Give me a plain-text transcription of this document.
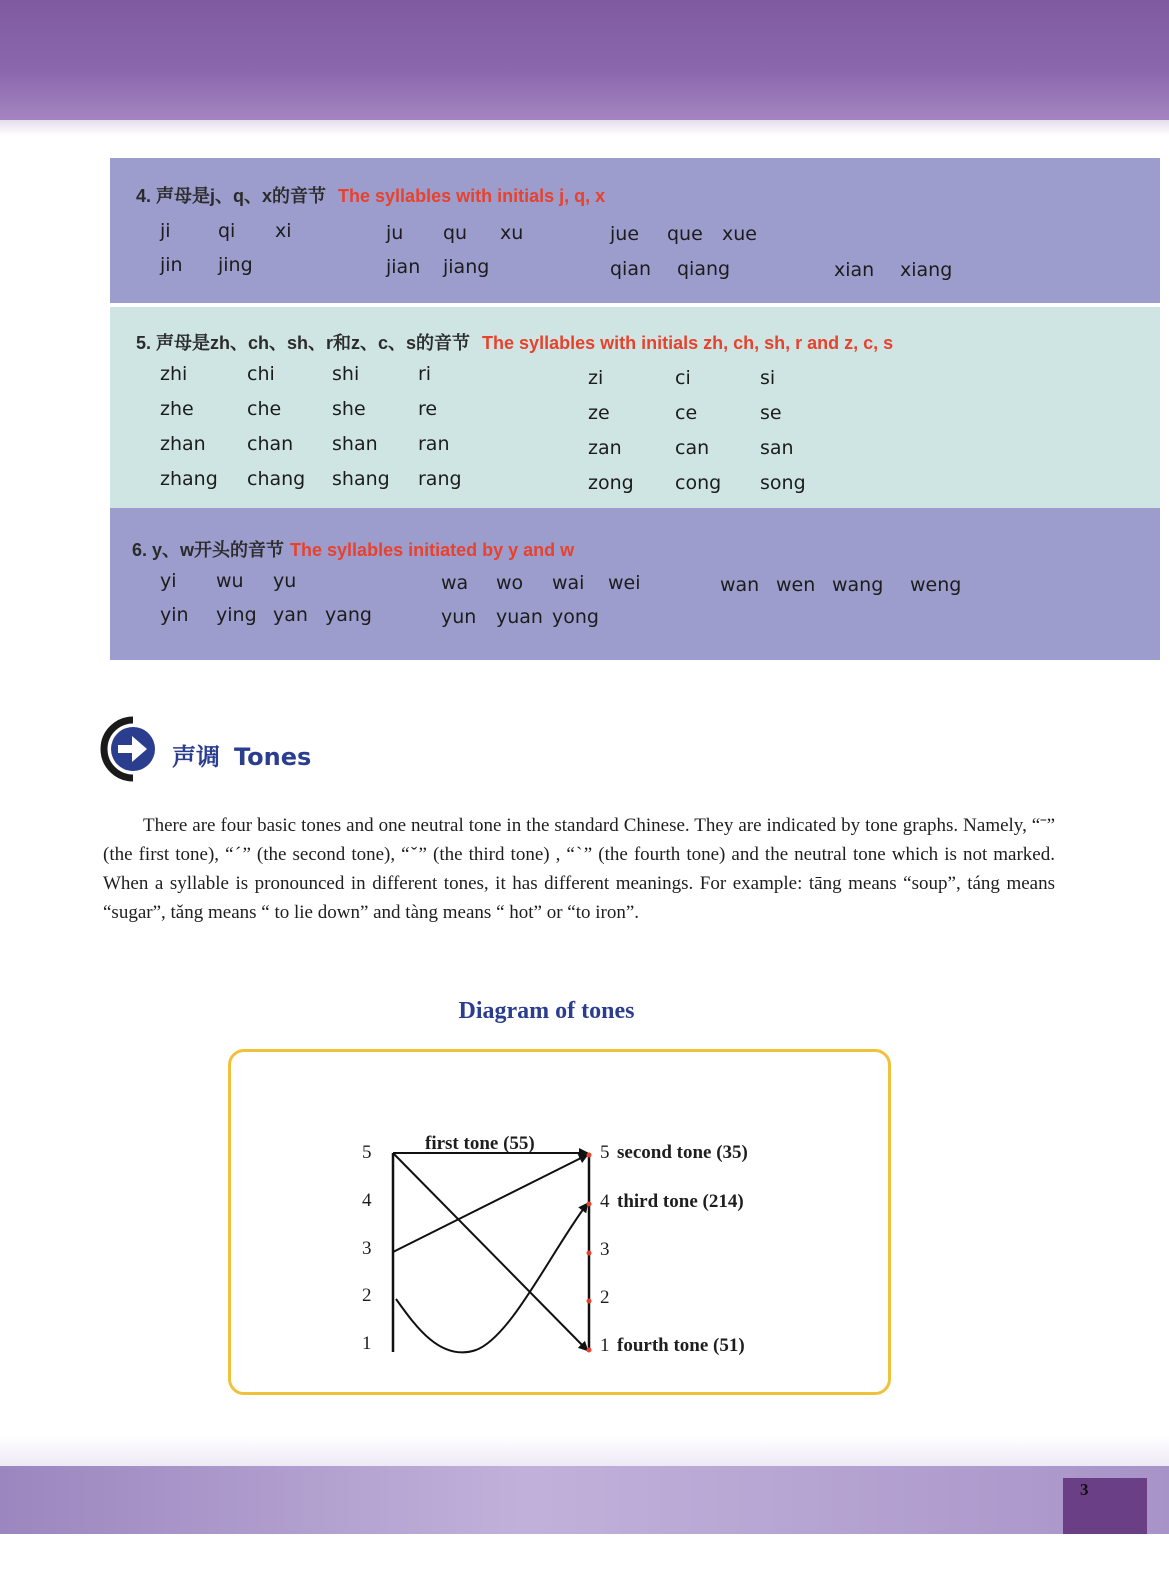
4. 声母是j、q、x的音节 The syllables with initials j, q, x
ji qi xi	ju qu xu	jue que xue
jin jing	jian jiang	qian qiang	xian xiang
5. 声母是zh、ch、sh、r和z、c、s的音节 The syllables with initials zh, ch, sh, r and z, c, s
zhi	chi	shi	ri	zi	ci	si
zhe	che	she	re	ze	ce	se
zhan chan shan ran	zan	can	san
zhang chang shang rang	zong cong song
6. y、w开头的音节 The syllables initiated by y and w
yi wu yu	wa wo wai wei	wan wen wang weng
yin ying yan yang	yun yuan yong
声调 Tones
There are four basic tones and one neutral tone in the standard Chinese. They are indicated by tone graphs. Namely, “ˉ” (the first tone), “ˊ” (the second tone), “ˇ” (the third tone) , “ˋ” (the fourth tone) and the neutral tone which is not marked. When a syllable is pronounced in different tones, it has different meanings. For example: tāng means “soup”, táng means “sugar”, tǎng means “ to lie down” and tàng means “ hot” or “to iron”.
Diagram of tones
5
4
3
2
1
first tone (55)	5 second tone (35)
4 third tone (214)
3
2
1 fourth tone (51)
3
